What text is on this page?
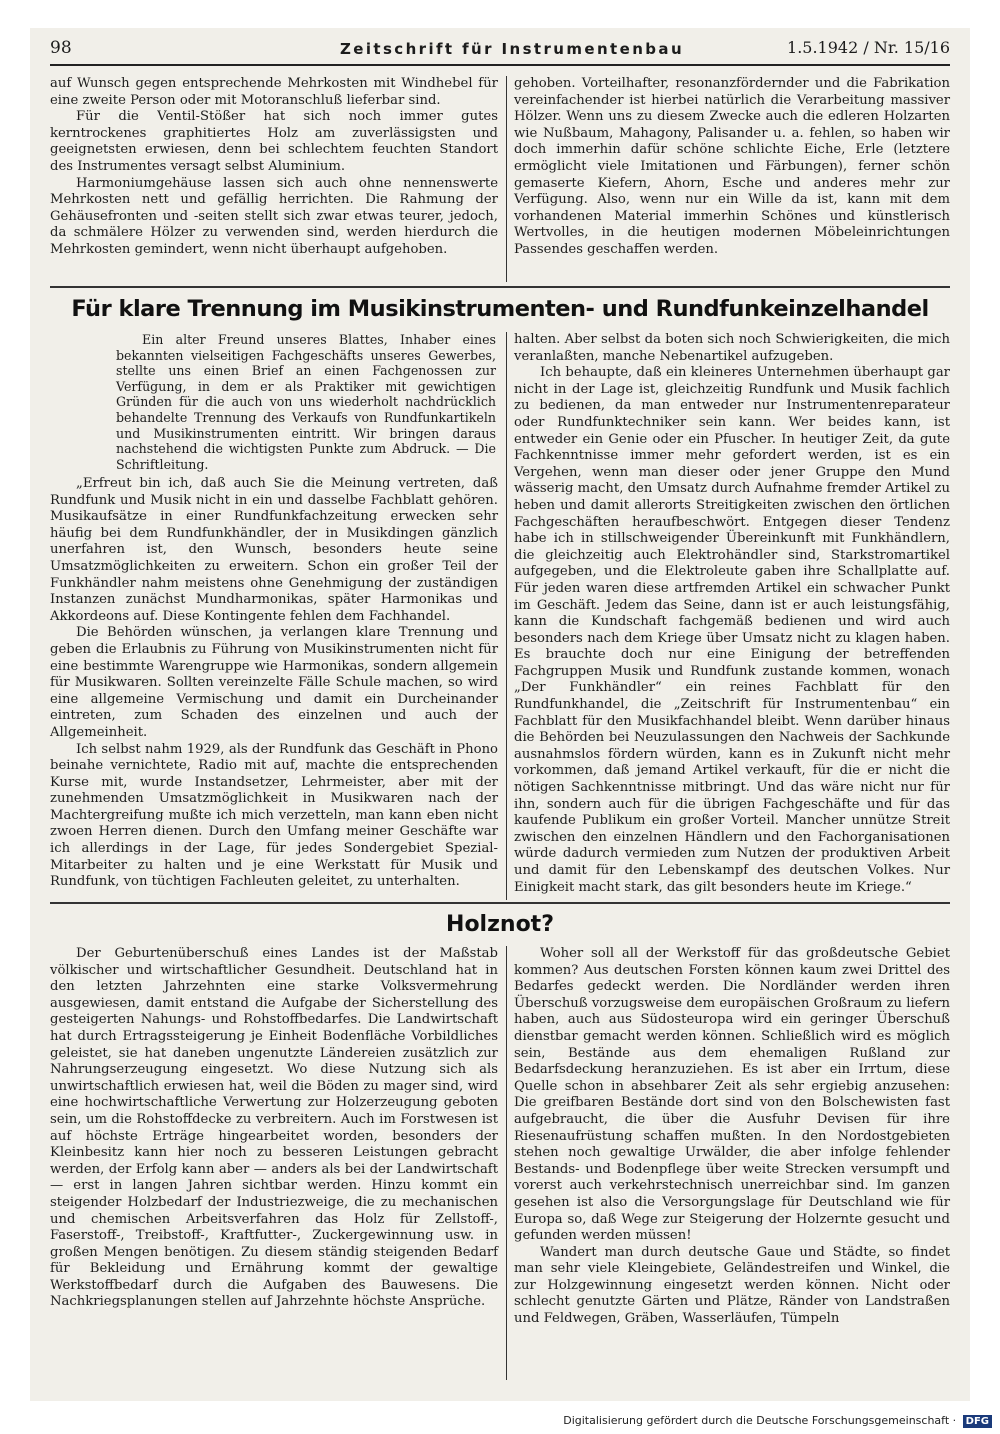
98	Zeitschrift für Instrumentenbau	1.5.1942 / Nr. 15/16

auf Wunsch gegen entsprechende Mehrkosten mit Windhebel für eine zweite Person oder mit Motoranschluß lieferbar sind.

Für die Ventil-Stößer hat sich noch immer gutes kerntrockenes graphitiertes Holz am zuverlässigsten und geeignetsten erwiesen, denn bei schlechtem feuchten Standort des Instrumentes versagt selbst Aluminium.

Harmoniumgehäuse lassen sich auch ohne nennenswerte Mehrkosten nett und gefällig herrichten. Die Rahmung der Gehäusefronten und -seiten stellt sich zwar etwas teurer, jedoch, da schmälere Hölzer zu verwenden sind, werden hierdurch die Mehrkosten gemindert, wenn nicht überhaupt aufgehoben.

gehoben. Vorteilhafter, resonanzfördernder und die Fabrikation vereinfachender ist hierbei natürlich die Verarbeitung massiver Hölzer. Wenn uns zu diesem Zwecke auch die edleren Holzarten wie Nußbaum, Mahagony, Palisander u. a. fehlen, so haben wir doch immerhin dafür schöne schlichte Eiche, Erle (letztere ermöglicht viele Imitationen und Färbungen), ferner schön gemaserte Kiefern, Ahorn, Esche und anderes mehr zur Verfügung. Also, wenn nur ein Wille da ist, kann mit dem vorhandenen Material immerhin Schönes und künstlerisch Wertvolles, in die heutigen modernen Möbeleinrichtungen Passendes geschaffen werden.

Für klare Trennung im Musikinstrumenten- und Rundfunkeinzelhandel

Ein alter Freund unseres Blattes, Inhaber eines bekannten vielseitigen Fachgeschäfts unseres Gewerbes, stellte uns einen Brief an einen Fachgenossen zur Verfügung, in dem er als Praktiker mit gewichtigen Gründen für die auch von uns wiederholt nachdrücklich behandelte Trennung des Verkaufs von Rundfunkartikeln und Musikinstrumenten eintritt. Wir bringen daraus nachstehend die wichtigsten Punkte zum Abdruck. — Die Schriftleitung.

„Erfreut bin ich, daß auch Sie die Meinung vertreten, daß Rundfunk und Musik nicht in ein und dasselbe Fachblatt gehören. Musikaufsätze in einer Rundfunkfachzeitung erwecken sehr häufig bei dem Rundfunkhändler, der in Musikdingen gänzlich unerfahren ist, den Wunsch, besonders heute seine Umsatzmöglichkeiten zu erweitern. Schon ein großer Teil der Funkhändler nahm meistens ohne Genehmigung der zuständigen Instanzen zunächst Mundharmonikas, später Harmonikas und Akkordeons auf. Diese Kontingente fehlen dem Fachhandel.

Die Behörden wünschen, ja verlangen klare Trennung und geben die Erlaubnis zu Führung von Musikinstrumenten nicht für eine bestimmte Warengruppe wie Harmonikas, sondern allgemein für Musikwaren. Sollten vereinzelte Fälle Schule machen, so wird eine allgemeine Vermischung und damit ein Durcheinander eintreten, zum Schaden des einzelnen und auch der Allgemeinheit.

Ich selbst nahm 1929, als der Rundfunk das Geschäft in Phono beinahe vernichtete, Radio mit auf, machte die entsprechenden Kurse mit, wurde Instandsetzer, Lehrmeister, aber mit der zunehmenden Umsatzmöglichkeit in Musikwaren nach der Machtergreifung mußte ich mich verzetteln, man kann eben nicht zwoen Herren dienen. Durch den Umfang meiner Geschäfte war ich allerdings in der Lage, für jedes Sondergebiet Spezial-Mitarbeiter zu halten und je eine Werkstatt für Musik und Rundfunk, von tüchtigen Fachleuten geleitet, zu unterhalten.

halten. Aber selbst da boten sich noch Schwierigkeiten, die mich veranlaßten, manche Nebenartikel aufzugeben.

Ich behaupte, daß ein kleineres Unternehmen überhaupt gar nicht in der Lage ist, gleichzeitig Rundfunk und Musik fachlich zu bedienen, da man entweder nur Instrumentenreparateur oder Rundfunktechniker sein kann. Wer beides kann, ist entweder ein Genie oder ein Pfuscher. In heutiger Zeit, da gute Fachkenntnisse immer mehr gefordert werden, ist es ein Vergehen, wenn man dieser oder jener Gruppe den Mund wässerig macht, den Umsatz durch Aufnahme fremder Artikel zu heben und damit allerorts Streitigkeiten zwischen den örtlichen Fachgeschäften heraufbeschwört. Entgegen dieser Tendenz habe ich in stillschweigender Übereinkunft mit Funkhändlern, die gleichzeitig auch Elektrohändler sind, Starkstromartikel aufgegeben, und die Elektroleute gaben ihre Schallplatte auf. Für jeden waren diese artfremden Artikel ein schwacher Punkt im Geschäft. Jedem das Seine, dann ist er auch leistungsfähig, kann die Kundschaft fachgemäß bedienen und wird auch besonders nach dem Kriege über Umsatz nicht zu klagen haben. Es brauchte doch nur eine Einigung der betreffenden Fachgruppen Musik und Rundfunk zustande kommen, wonach „Der Funkhändler“ ein reines Fachblatt für den Rundfunkhandel, die „Zeitschrift für Instrumentenbau“ ein Fachblatt für den Musikfachhandel bleibt. Wenn darüber hinaus die Behörden bei Neuzulassungen den Nachweis der Sachkunde ausnahmslos fördern würden, kann es in Zukunft nicht mehr vorkommen, daß jemand Artikel verkauft, für die er nicht die nötigen Sachkenntnisse mitbringt. Und das wäre nicht nur für ihn, sondern auch für die übrigen Fachgeschäfte und für das kaufende Publikum ein großer Vorteil. Mancher unnütze Streit zwischen den einzelnen Händlern und den Fachorganisationen würde dadurch vermieden zum Nutzen der produktiven Arbeit und damit für den Lebenskampf des deutschen Volkes. Nur Einigkeit macht stark, das gilt besonders heute im Kriege.“

Holznot?

Der Geburtenüberschuß eines Landes ist der Maßstab völkischer und wirtschaftlicher Gesundheit. Deutschland hat in den letzten Jahrzehnten eine starke Volksvermehrung ausgewiesen, damit entstand die Aufgabe der Sicherstellung des gesteigerten Nahungs- und Rohstoffbedarfes. Die Landwirtschaft hat durch Ertragssteigerung je Einheit Bodenfläche Vorbildliches geleistet, sie hat daneben ungenutzte Ländereien zusätzlich zur Nahrungserzeugung eingesetzt. Wo diese Nutzung sich als unwirtschaftlich erwiesen hat, weil die Böden zu mager sind, wird eine hochwirtschaftliche Verwertung zur Holzerzeugung geboten sein, um die Rohstoffdecke zu verbreitern. Auch im Forstwesen ist auf höchste Erträge hingearbeitet worden, besonders der Kleinbesitz kann hier noch zu besseren Leistungen gebracht werden, der Erfolg kann aber — anders als bei der Landwirtschaft — erst in langen Jahren sichtbar werden. Hinzu kommt ein steigender Holzbedarf der Industriezweige, die zu mechanischen und chemischen Arbeitsverfahren das Holz für Zellstoff-, Faserstoff-, Treibstoff-, Kraftfutter-, Zuckergewinnung usw. in großen Mengen benötigen. Zu diesem ständig steigenden Bedarf für Bekleidung und Ernährung kommt der gewaltige Werkstoffbedarf durch die Aufgaben des Bauwesens. Die Nachkriegsplanungen stellen auf Jahrzehnte höchste Ansprüche.

Woher soll all der Werkstoff für das großdeutsche Gebiet kommen? Aus deutschen Forsten können kaum zwei Drittel des Bedarfes gedeckt werden. Die Nordländer werden ihren Überschuß vorzugsweise dem europäischen Großraum zu liefern haben, auch aus Südosteuropa wird ein geringer Überschuß dienstbar gemacht werden können. Schließlich wird es möglich sein, Bestände aus dem ehemaligen Rußland zur Bedarfsdeckung heranzuziehen. Es ist aber ein Irrtum, diese Quelle schon in absehbarer Zeit als sehr ergiebig anzusehen: Die greifbaren Bestände dort sind von den Bolschewisten fast aufgebraucht, die über die Ausfuhr Devisen für ihre Riesenaufrüstung schaffen mußten. In den Nordostgebieten stehen noch gewaltige Urwälder, die aber infolge fehlender Bestands- und Bodenpflege über weite Strecken versumpft und vorerst auch verkehrstechnisch unerreichbar sind. Im ganzen gesehen ist also die Versorgungslage für Deutschland wie für Europa so, daß Wege zur Steigerung der Holzernte gesucht und gefunden werden müssen!

Wandert man durch deutsche Gaue und Städte, so findet man sehr viele Kleingebiete, Geländestreifen und Winkel, die zur Holzgewinnung eingesetzt werden können. Nicht oder schlecht genutzte Gärten und Plätze, Ränder von Landstraßen und Feldwegen, Gräben, Wasserläufen, Tümpeln

Digitalisierung gefördert durch die Deutsche Forschungsgemeinschaft · DFG
